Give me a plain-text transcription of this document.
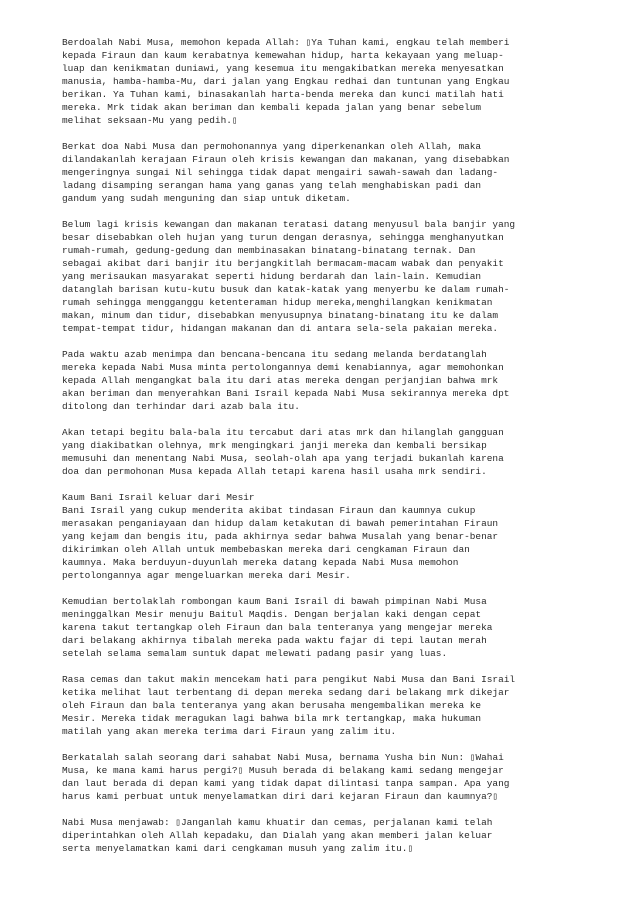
Berdoalah Nabi Musa, memohon kepada Allah: ▯Ya Tuhan kami, engkau telah memberi
kepada Firaun dan kaum kerabatnya kemewahan hidup, harta kekayaan yang meluap-
luap dan kenikmatan duniawi, yang kesemua itu mengakibatkan mereka menyesatkan
manusia, hamba-hamba-Mu, dari jalan yang Engkau redhai dan tuntunan yang Engkau
berikan. Ya Tuhan kami, binasakanlah harta-benda mereka dan kunci matilah hati
mereka. Mrk tidak akan beriman dan kembali kepada jalan yang benar sebelum
melihat seksaan-Mu yang pedih.▯
Berkat doa Nabi Musa dan permohonannya yang diperkenankan oleh Allah, maka
dilandakanlah kerajaan Firaun oleh krisis kewangan dan makanan, yang disebabkan
mengeringnya sungai Nil sehingga tidak dapat mengairi sawah-sawah dan ladang-
ladang disamping serangan hama yang ganas yang telah menghabiskan padi dan
gandum yang sudah menguning dan siap untuk diketam.
Belum lagi krisis kewangan dan makanan teratasi datang menyusul bala banjir yang
besar disebabkan oleh hujan yang turun dengan derasnya, sehingga menghanyutkan
rumah-rumah, gedung-gedung dan membinasakan binatang-binatang ternak. Dan
sebagai akibat dari banjir itu berjangkitlah bermacam-macam wabak dan penyakit
yang merisaukan masyarakat seperti hidung berdarah dan lain-lain. Kemudian
datanglah barisan kutu-kutu busuk dan katak-katak yang menyerbu ke dalam rumah-
rumah sehingga mengganggu ketenteraman hidup mereka,menghilangkan kenikmatan
makan, minum dan tidur, disebabkan menyusupnya binatang-binatang itu ke dalam
tempat-tempat tidur, hidangan makanan dan di antara sela-sela pakaian mereka.
Pada waktu azab menimpa dan bencana-bencana itu sedang melanda berdatanglah
mereka kepada Nabi Musa minta pertolongannya demi kenabiannya, agar memohonkan
kepada Allah mengangkat bala itu dari atas mereka dengan perjanjian bahwa mrk
akan beriman dan menyerahkan Bani Israil kepada Nabi Musa sekirannya mereka dpt
ditolong dan terhindar dari azab bala itu.
Akan tetapi begitu bala-bala itu tercabut dari atas mrk dan hilanglah gangguan
yang diakibatkan olehnya, mrk mengingkari janji mereka dan kembali bersikap
memusuhi dan menentang Nabi Musa, seolah-olah apa yang terjadi bukanlah karena
doa dan permohonan Musa kepada Allah tetapi karena hasil usaha mrk sendiri.
Kaum Bani Israil keluar dari Mesir
Bani Israil yang cukup menderita akibat tindasan Firaun dan kaumnya cukup
merasakan penganiayaan dan hidup dalam ketakutan di bawah pemerintahan Firaun
yang kejam dan bengis itu, pada akhirnya sedar bahwa Musalah yang benar-benar
dikirimkan oleh Allah untuk membebaskan mereka dari cengkaman Firaun dan
kaumnya. Maka berduyun-duyunlah mereka datang kepada Nabi Musa memohon
pertolongannya agar mengeluarkan mereka dari Mesir.
Kemudian bertolaklah rombongan kaum Bani Israil di bawah pimpinan Nabi Musa
meninggalkan Mesir menuju Baitul Maqdis. Dengan berjalan kaki dengan cepat
karena takut tertangkap oleh Firaun dan bala tenteranya yang mengejar mereka
dari belakang akhirnya tibalah mereka pada waktu fajar di tepi lautan merah
setelah selama semalam suntuk dapat melewati padang pasir yang luas.
Rasa cemas dan takut makin mencekam hati para pengikut Nabi Musa dan Bani Israil
ketika melihat laut terbentang di depan mereka sedang dari belakang mrk dikejar
oleh Firaun dan bala tenteranya yang akan berusaha mengembalikan mereka ke
Mesir. Mereka tidak meragukan lagi bahwa bila mrk tertangkap, maka hukuman
matilah yang akan mereka terima dari Firaun yang zalim itu.
Berkatalah salah seorang dari sahabat Nabi Musa, bernama Yusha bin Nun: ▯Wahai
Musa, ke mana kami harus pergi?▯ Musuh berada di belakang kami sedang mengejar
dan laut berada di depan kami yang tidak dapat dilintasi tanpa sampan. Apa yang
harus kami perbuat untuk menyelamatkan diri dari kejaran Firaun dan kaumnya?▯
Nabi Musa menjawab: ▯Janganlah kamu khuatir dan cemas, perjalanan kami telah
diperintahkan oleh Allah kepadaku, dan Dialah yang akan memberi jalan keluar
serta menyelamatkan kami dari cengkaman musuh yang zalim itu.▯
